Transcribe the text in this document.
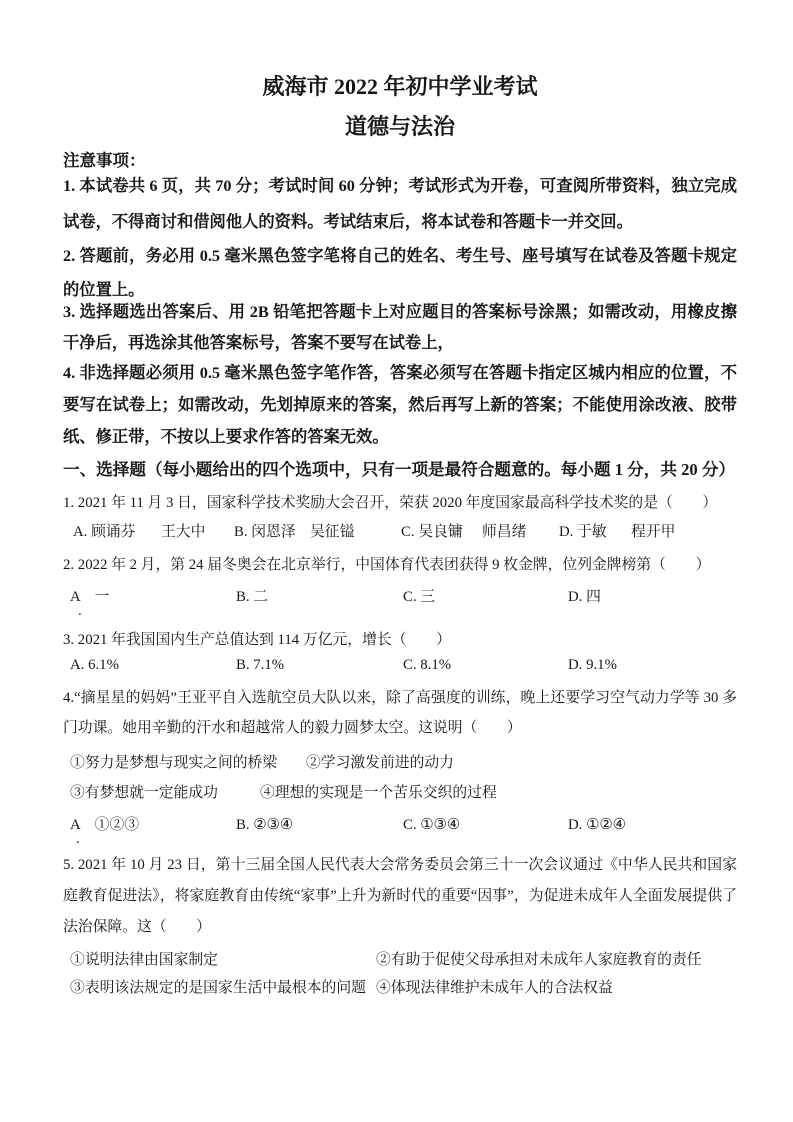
威海市 2022 年初中学业考试
道德与法治
注意事项：
1. 本试卷共 6 页，共 70 分；考试时间 60 分钟；考试形式为开卷，可查阅所带资料，独立完成试卷，不得商讨和借阅他人的资料。考试结束后，将本试卷和答题卡一并交回。
2. 答题前，务必用 0.5 毫米黑色签字笔将自己的姓名、考生号、座号填写在试卷及答题卡规定的位置上。
3. 选择题选出答案后、用 2B 铅笔把答题卡上对应题目的答案标号涂黑；如需改动，用橡皮擦干净后，再选涂其他答案标号，答案不要写在试卷上，
4. 非选择题必须用 0.5 毫米黑色签字笔作答，答案必须写在答题卡指定区城内相应的位置，不要写在试卷上；如需改动，先划掉原来的答案，然后再写上新的答案；不能使用涂改液、胶带纸、修正带，不按以上要求作答的答案无效。
一、选择题（每小题给出的四个选项中，只有一项是最符合题意的。每小题 1 分，共 20 分）
1. 2021 年 11 月 3 日，国家科学技术奖励大会召开，荣获 2020 年度国家最高科学技术奖的是（　　）
A. 顾诵芬 王大中 B. 闵恩泽 吴征镒	C. 吴良镛 师昌绪 D. 于敏 程开甲
2. 2022 年 2 月，第 24 届冬奥会在北京举行，中国体育代表团获得 9 枚金牌，位列金牌榜第（　　）
A　一	B. 二	C. 三	D. 四
.
3. 2021 年我国国内生产总值达到 114 万亿元，增长（　　）
A. 6.1%	B. 7.1%	C. 8.1%	D. 9.1%
4.“摘星星的妈妈”王亚平自入选航空员大队以来，除了高强度的训练，晚上还要学习空气动力学等 30 多门功课。她用辛勤的汗水和超越常人的毅力圆梦太空。这说明（　　）
①努力是梦想与现实之间的桥梁 ②学习激发前进的动力
③有梦想就一定能成功	④理想的实现是一个苦乐交织的过程
A　①②③	B. ②③④	C. ①③④	D. ①②④
.
5. 2021 年 10 月 23 日，第十三届全国人民代表大会常务委员会第三十一次会议通过《中华人民共和国家庭教育促进法》，将家庭教育由传统“家事”上升为新时代的重要“因事”，为促进未成年人全面发展提供了法治保障。这（　　）
①说明法律由国家制定	②有助于促使父母承担对未成年人家庭教育的责任
③表明该法规定的是国家生活中最根本的问题 ④体现法律维护未成年人的合法权益
